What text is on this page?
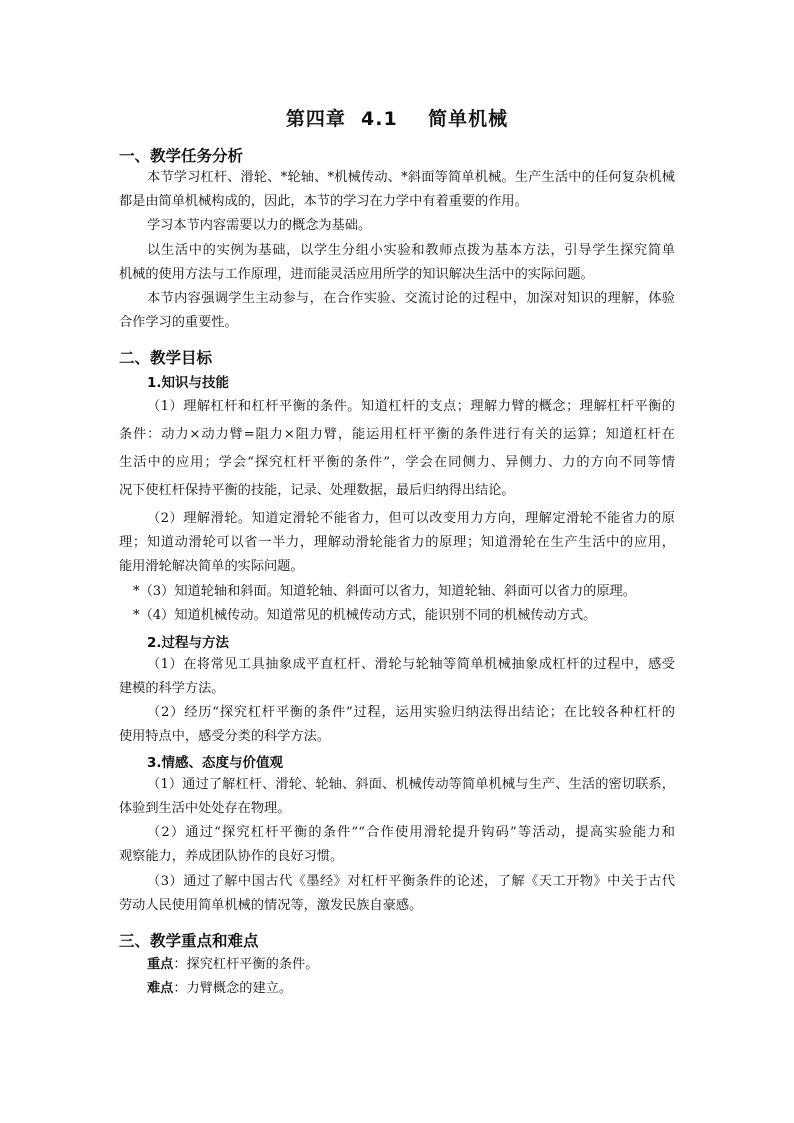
第四章  4.1    简单机械
一、教学任务分析
本节学习杠杆、滑轮、*轮轴、*机械传动、*斜面等简单机械。生产生活中的任何复杂机械
都是由简单机械构成的，因此，本节的学习在力学中有着重要的作用。
学习本节内容需要以力的概念为基础。
以生活中的实例为基础，以学生分组小实验和教师点拨为基本方法，引导学生探究简单
机械的使用方法与工作原理，进而能灵活应用所学的知识解决生活中的实际问题。
本节内容强调学生主动参与，在合作实验、交流讨论的过程中，加深对知识的理解，体验
合作学习的重要性。
二、教学目标
1.知识与技能
（1）理解杠杆和杠杆平衡的条件。知道杠杆的支点；理解力臂的概念；理解杠杆平衡的
条件：动力×动力臂=阻力×阻力臂，能运用杠杆平衡的条件进行有关的运算；知道杠杆在
生活中的应用；学会“探究杠杆平衡的条件”，学会在同侧力、异侧力、力的方向不同等情
况下使杠杆保持平衡的技能，记录、处理数据，最后归纳得出结论。
（2）理解滑轮。知道定滑轮不能省力，但可以改变用力方向，理解定滑轮不能省力的原
理；知道动滑轮可以省一半力，理解动滑轮能省力的原理；知道滑轮在生产生活中的应用，
能用滑轮解决简单的实际问题。
*（3）知道轮轴和斜面。知道轮轴、斜面可以省力，知道轮轴、斜面可以省力的原理。
*（4）知道机械传动。知道常见的机械传动方式，能识别不同的机械传动方式。
2.过程与方法
（1）在将常见工具抽象成平直杠杆、滑轮与轮轴等简单机械抽象成杠杆的过程中，感受
建模的科学方法。
（2）经历“探究杠杆平衡的条件”过程，运用实验归纳法得出结论；在比较各种杠杆的
使用特点中，感受分类的科学方法。
3.情感、态度与价值观
（1）通过了解杠杆、滑轮、轮轴、斜面、机械传动等简单机械与生产、生活的密切联系，
体验到生活中处处存在物理。
（2）通过“探究杠杆平衡的条件”“合作使用滑轮提升钩码”等活动，提高实验能力和
观察能力，养成团队协作的良好习惯。
（3）通过了解中国古代《墨经》对杠杆平衡条件的论述，了解《天工开物》中关于古代
劳动人民使用简单机械的情况等，激发民族自豪感。
三、教学重点和难点
重点：探究杠杆平衡的条件。
难点：力臂概念的建立。
